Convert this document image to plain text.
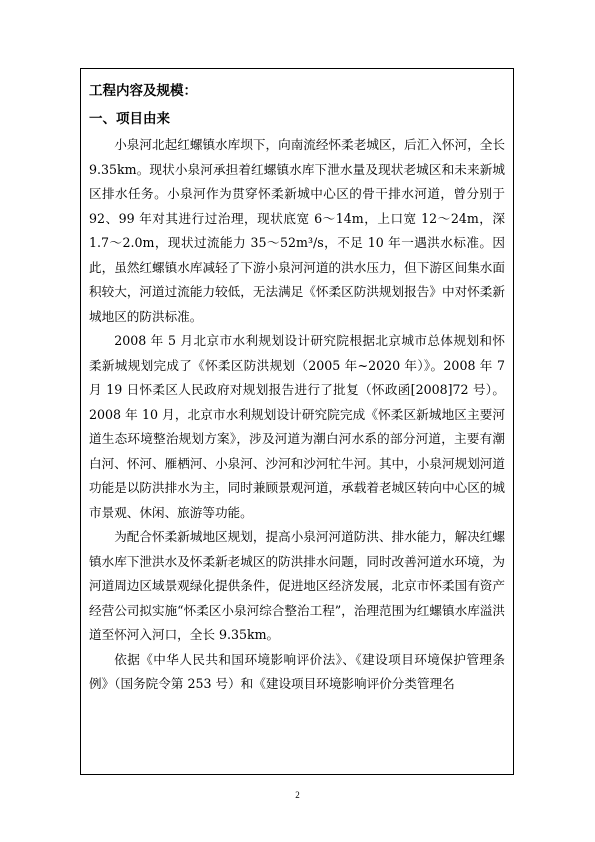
工程内容及规模：
一、项目由来

小泉河北起红螺镇水库坝下，向南流经怀柔老城区，后汇入怀河，全长 9.35km。现状小泉河承担着红螺镇水库下泄水量及现状老城区和未来新城区排水任务。小泉河作为贯穿怀柔新城中心区的骨干排水河道，曾分别于 92、99 年对其进行过治理，现状底宽 6～14m，上口宽 12～24m，深 1.7～2.0m，现状过流能力 35～52m³/s，不足 10 年一遇洪水标准。因此，虽然红螺镇水库减轻了下游小泉河河道的洪水压力，但下游区间集水面积较大，河道过流能力较低，无法满足《怀柔区防洪规划报告》中对怀柔新城地区的防洪标准。

2008 年 5 月北京市水利规划设计研究院根据北京城市总体规划和怀柔新城规划完成了《怀柔区防洪规划（2005 年~2020 年）》。2008 年 7 月 19 日怀柔区人民政府对规划报告进行了批复（怀政函[2008]72 号）。2008 年 10 月，北京市水利规划设计研究院完成《怀柔区新城地区主要河道生态环境整治规划方案》，涉及河道为潮白河水系的部分河道，主要有潮白河、怀河、雁栖河、小泉河、沙河和沙河牤牛河。其中，小泉河规划河道功能是以防洪排水为主，同时兼顾景观河道，承载着老城区转向中心区的城市景观、休闲、旅游等功能。

为配合怀柔新城地区规划，提高小泉河河道防洪、排水能力，解决红螺镇水库下泄洪水及怀柔新老城区的防洪排水问题，同时改善河道水环境，为河道周边区域景观绿化提供条件，促进地区经济发展，北京市怀柔国有资产经营公司拟实施“怀柔区小泉河综合整治工程”，治理范围为红螺镇水库溢洪道至怀河入河口，全长 9.35km。

依据《中华人民共和国环境影响评价法》、《建设项目环境保护管理条例》（国务院令第 253 号）和《建设项目环境影响评价分类管理名

2
